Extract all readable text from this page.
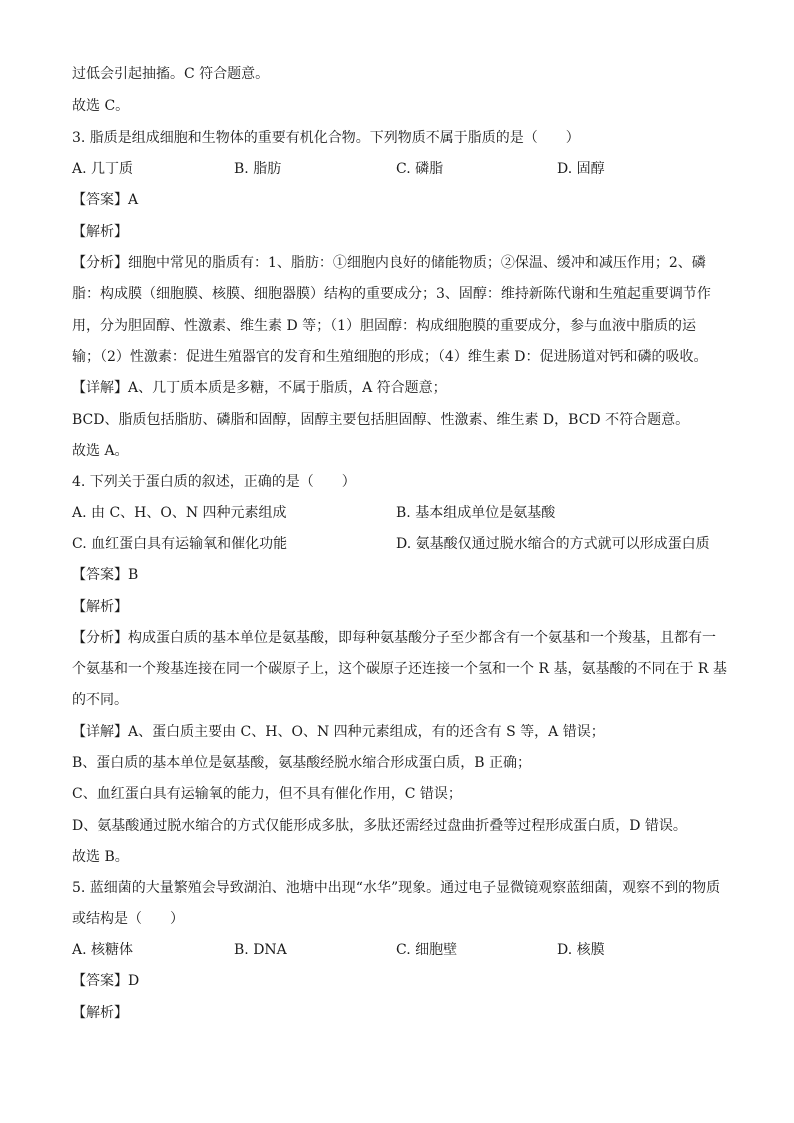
过低会引起抽搐。C 符合题意。
故选 C。
3. 脂质是组成细胞和生物体的重要有机化合物。下列物质不属于脂质的是（　　）
A. 几丁质	B. 脂肪	C. 磷脂	D. 固醇
【答案】A
【解析】
【分析】细胞中常见的脂质有：1、脂肪：①细胞内良好的储能物质；②保温、缓冲和减压作用；2、磷
脂：构成膜（细胞膜、核膜、细胞器膜）结构的重要成分；3、固醇：维持新陈代谢和生殖起重要调节作
用，分为胆固醇、性激素、维生素 D 等；（1）胆固醇：构成细胞膜的重要成分，参与血液中脂质的运
输；（2）性激素：促进生殖器官的发育和生殖细胞的形成；（4）维生素 D：促进肠道对钙和磷的吸收。
【详解】A、几丁质本质是多糖，不属于脂质，A 符合题意；
BCD、脂质包括脂肪、磷脂和固醇，固醇主要包括胆固醇、性激素、维生素 D，BCD 不符合题意。
故选 A。
4. 下列关于蛋白质的叙述，正确的是（　　）
A. 由 C、H、O、N 四种元素组成	B. 基本组成单位是氨基酸
C. 血红蛋白具有运输氧和催化功能	D. 氨基酸仅通过脱水缩合的方式就可以形成蛋白质
【答案】B
【解析】
【分析】构成蛋白质的基本单位是氨基酸，即每种氨基酸分子至少都含有一个氨基和一个羧基，且都有一
个氨基和一个羧基连接在同一个碳原子上，这个碳原子还连接一个氢和一个 R 基，氨基酸的不同在于 R 基
的不同。
【详解】A、蛋白质主要由 C、H、O、N 四种元素组成，有的还含有 S 等，A 错误；
B、蛋白质的基本单位是氨基酸，氨基酸经脱水缩合形成蛋白质，B 正确；
C、血红蛋白具有运输氧的能力，但不具有催化作用，C 错误；
D、氨基酸通过脱水缩合的方式仅能形成多肽，多肽还需经过盘曲折叠等过程形成蛋白质，D 错误。
故选 B。
5. 蓝细菌的大量繁殖会导致湖泊、池塘中出现“水华”现象。通过电子显微镜观察蓝细菌，观察不到的物质
或结构是（　　）
A. 核糖体	B. DNA	C. 细胞壁	D. 核膜
【答案】D
【解析】
